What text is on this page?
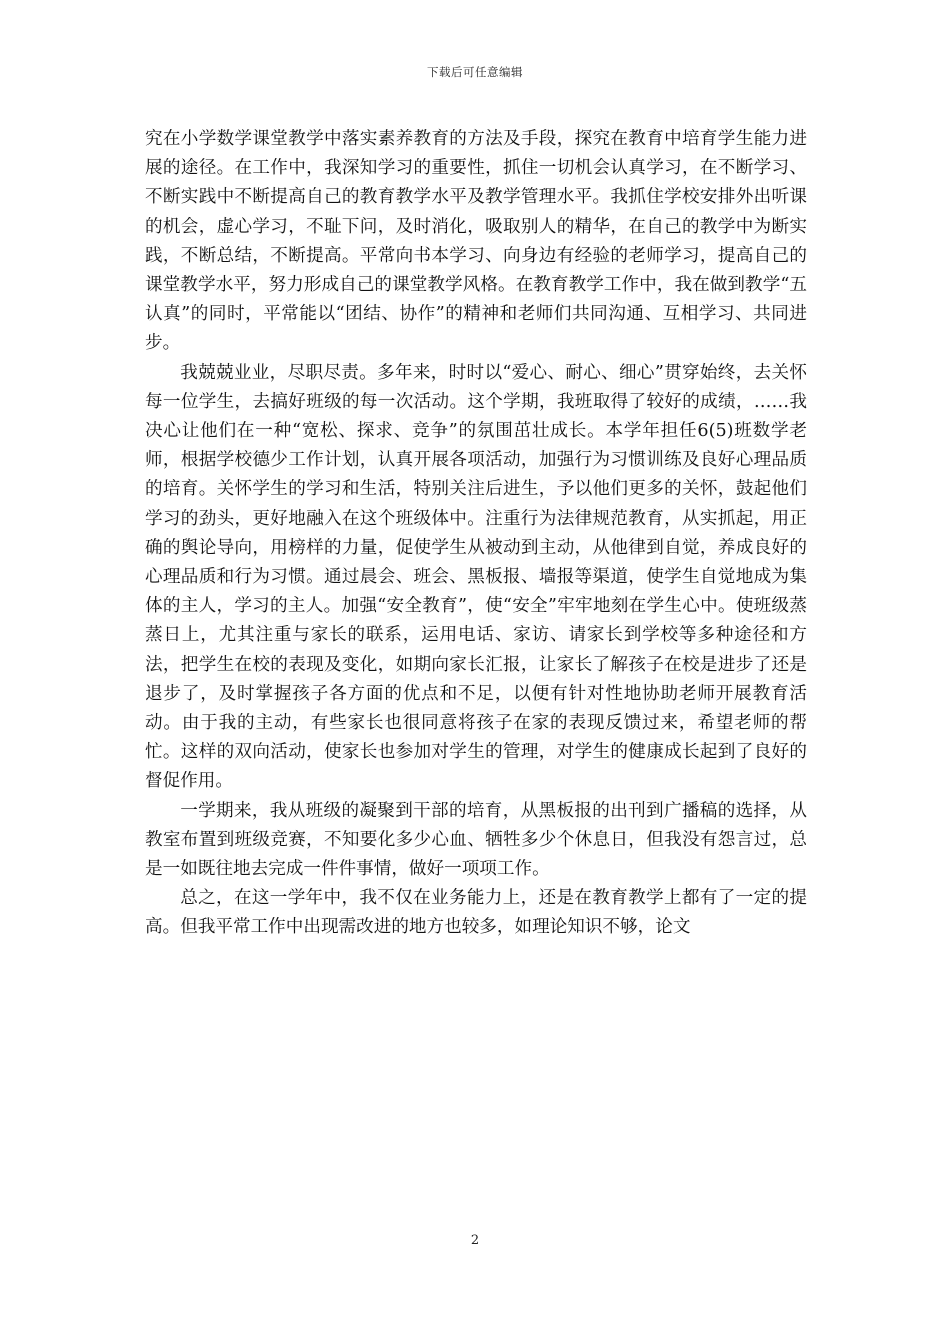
下载后可任意编辑

究在小学数学课堂教学中落实素养教育的方法及手段，探究在教育中培育学生能力进展的途径。在工作中，我深知学习的重要性，抓住一切机会认真学习，在不断学习、不断实践中不断提高自己的教育教学水平及教学管理水平。我抓住学校安排外出听课的机会，虚心学习，不耻下问，及时消化，吸取别人的精华，在自己的教学中为断实践，不断总结，不断提高。平常向书本学习、向身边有经验的老师学习，提高自己的课堂教学水平，努力形成自己的课堂教学风格。在教育教学工作中，我在做到教学“五认真”的同时，平常能以“团结、协作”的精神和老师们共同沟通、互相学习、共同进步。

我兢兢业业，尽职尽责。多年来，时时以“爱心、耐心、细心”贯穿始终，去关怀每一位学生，去搞好班级的每一次活动。这个学期，我班取得了较好的成绩，……我决心让他们在一种“宽松、探求、竞争”的氛围茁壮成长。本学年担任6(5)班数学老师，根据学校德少工作计划，认真开展各项活动，加强行为习惯训练及良好心理品质的培育。关怀学生的学习和生活，特别关注后进生，予以他们更多的关怀，鼓起他们学习的劲头，更好地融入在这个班级体中。注重行为法律规范教育，从实抓起，用正确的舆论导向，用榜样的力量，促使学生从被动到主动，从他律到自觉，养成良好的心理品质和行为习惯。通过晨会、班会、黑板报、墙报等渠道，使学生自觉地成为集体的主人，学习的主人。加强“安全教育”，使“安全”牢牢地刻在学生心中。使班级蒸蒸日上，尤其注重与家长的联系，运用电话、家访、请家长到学校等多种途径和方法，把学生在校的表现及变化，如期向家长汇报，让家长了解孩子在校是进步了还是退步了，及时掌握孩子各方面的优点和不足，以便有针对性地协助老师开展教育活动。由于我的主动，有些家长也很同意将孩子在家的表现反馈过来，希望老师的帮忙。这样的双向活动，使家长也参加对学生的管理，对学生的健康成长起到了良好的督促作用。

一学期来，我从班级的凝聚到干部的培育，从黑板报的出刊到广播稿的选择，从教室布置到班级竞赛，不知要化多少心血、牺牲多少个休息日，但我没有怨言过，总是一如既往地去完成一件件事情，做好一项项工作。

总之，在这一学年中，我不仅在业务能力上，还是在教育教学上都有了一定的提高。但我平常工作中出现需改进的地方也较多，如理论知识不够，论文

2
